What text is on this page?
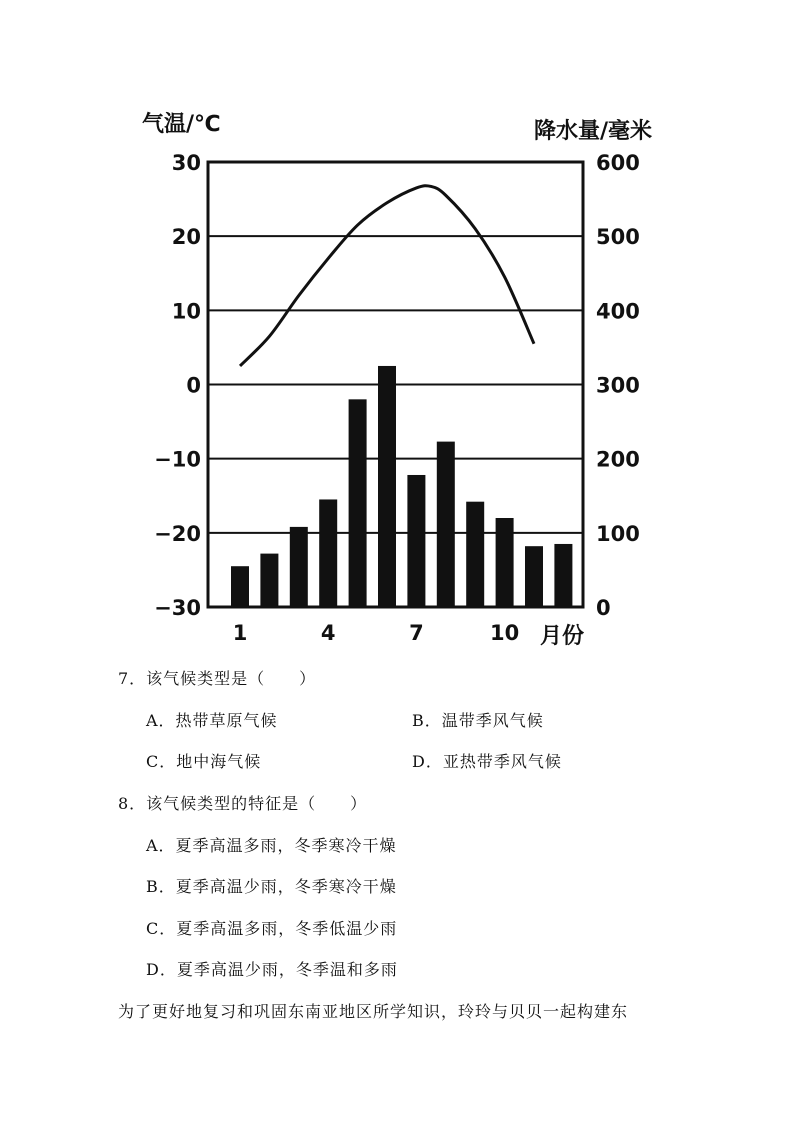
气温/℃	降水量/毫米
30
20
10
0
−10
−20
−30
600
500
400
300
200
100
0
1	4	7	10 月份
7．该气候类型是（　　）
A．热带草原气候	B．温带季风气候
C．地中海气候	D．亚热带季风气候
8．该气候类型的特征是（　　）
A．夏季高温多雨，冬季寒冷干燥
B．夏季高温少雨，冬季寒冷干燥
C．夏季高温多雨，冬季低温少雨
D．夏季高温少雨，冬季温和多雨
为了更好地复习和巩固东南亚地区所学知识，玲玲与贝贝一起构建东
